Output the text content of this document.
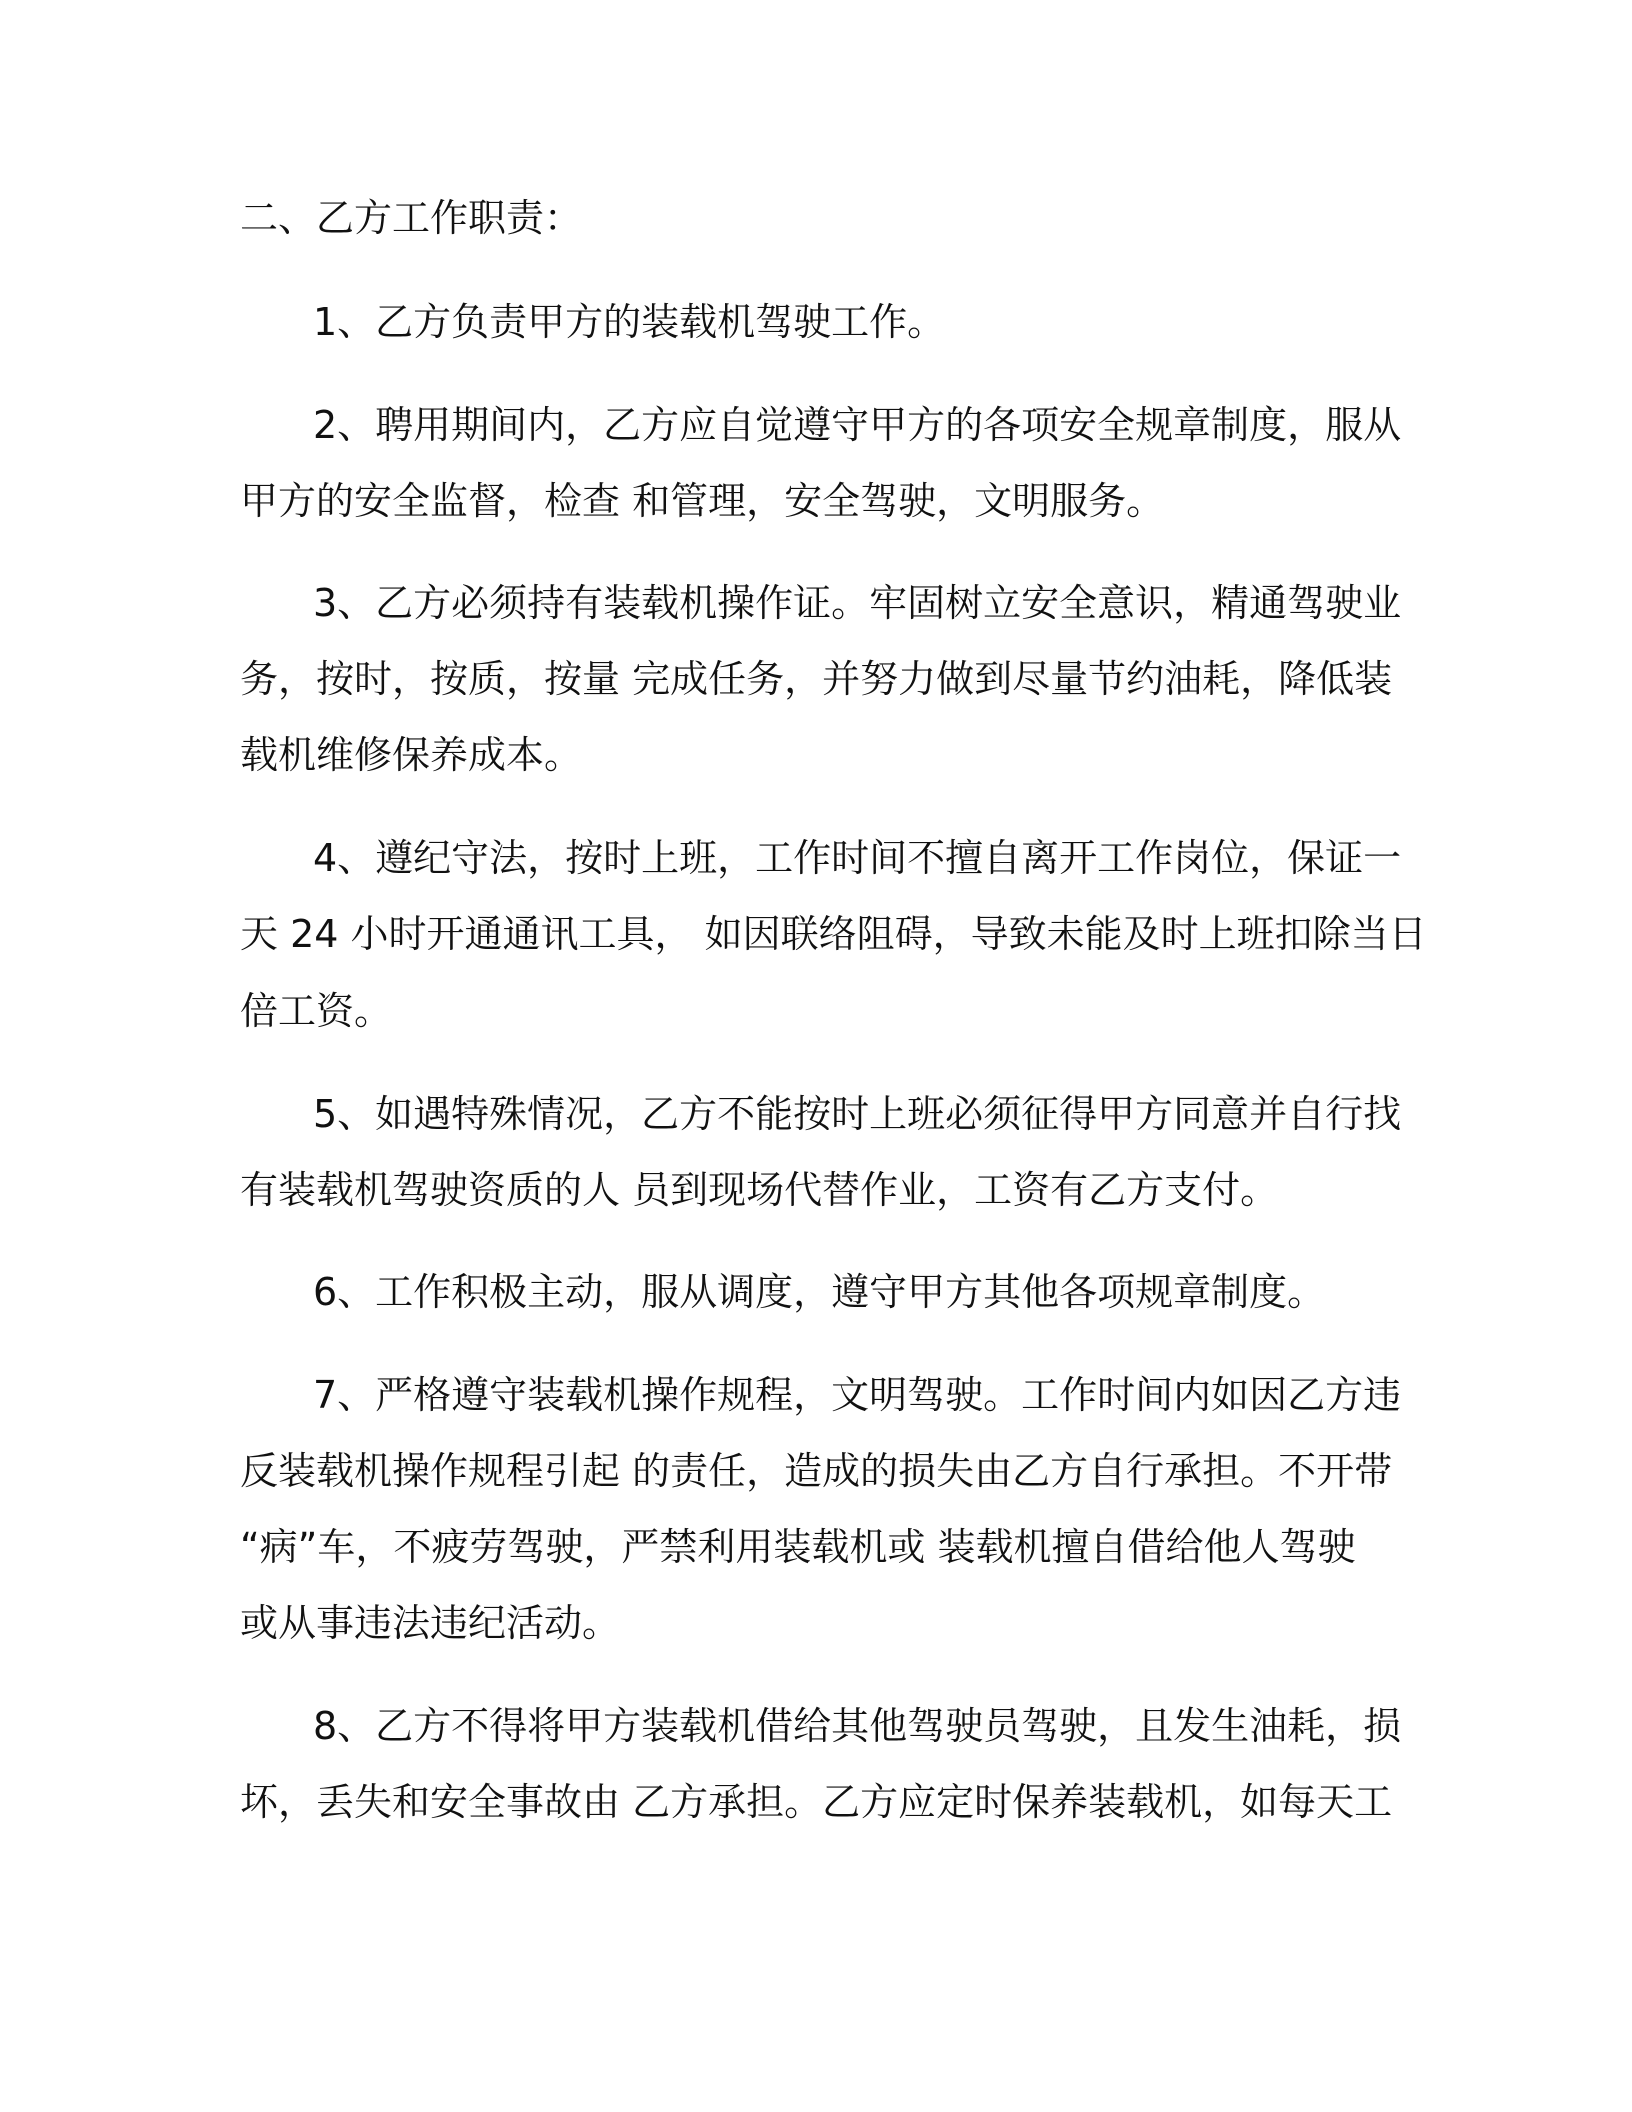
二、乙方工作职责：

1、乙方负责甲方的装载机驾驶工作。

2、聘用期间内，乙方应自觉遵守甲方的各项安全规章制度，服从

甲方的安全监督，检查 和管理，安全驾驶，文明服务。

3、乙方必须持有装载机操作证。牢固树立安全意识，精通驾驶业

务，按时，按质，按量 完成任务，并努力做到尽量节约油耗，降低装

载机维修保养成本。

4、遵纪守法，按时上班，工作时间不擅自离开工作岗位，保证一

天 24 小时开通通讯工具， 如因联络阻碍，导致未能及时上班扣除当日

倍工资。

5、如遇特殊情况，乙方不能按时上班必须征得甲方同意并自行找

有装载机驾驶资质的人 员到现场代替作业，工资有乙方支付。

6、工作积极主动，服从调度，遵守甲方其他各项规章制度。

7、严格遵守装载机操作规程，文明驾驶。工作时间内如因乙方违

反装载机操作规程引起 的责任，造成的损失由乙方自行承担。不开带

“病”车，不疲劳驾驶，严禁利用装载机或 装载机擅自借给他人驾驶

或从事违法违纪活动。

8、乙方不得将甲方装载机借给其他驾驶员驾驶，且发生油耗，损

坏，丢失和安全事故由 乙方承担。乙方应定时保养装载机，如每天工
